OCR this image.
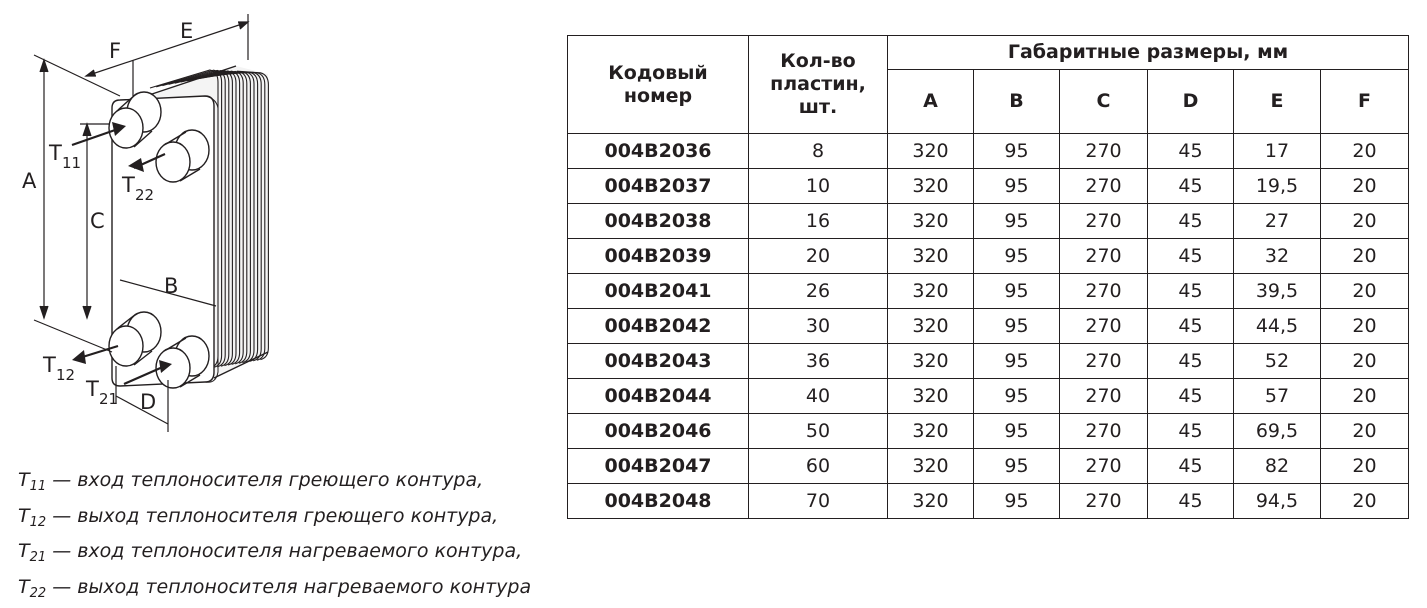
E
F
A
C
B
D
T 11
T 22
T 12
T 21
$T_{11}$ — вход теплоносителя греющего контура,
$T_{12}$ — выход теплоносителя греющего контура,
$T_{21}$ — вход теплоносителя нагреваемого контура,
$T_{22}$ — выход теплоносителя нагреваемого контура
Кодовый номер	Кол-во пластин, шт.	Габаритные размеры, мм					
		A	B	C	D	E	F
004B2036	8	320	95	270	45	17	20
004B2037	10	320	95	270	45	19,5	20
004B2038	16	320	95	270	45	27	20
004B2039	20	320	95	270	45	32	20
004B2041	26	320	95	270	45	39,5	20
004B2042	30	320	95	270	45	44,5	20
004B2043	36	320	95	270	45	52	20
004B2044	40	320	95	270	45	57	20
004B2046	50	320	95	270	45	69,5	20
004B2047	60	320	95	270	45	82	20
004B2048	70	320	95	270	45	94,5	20
